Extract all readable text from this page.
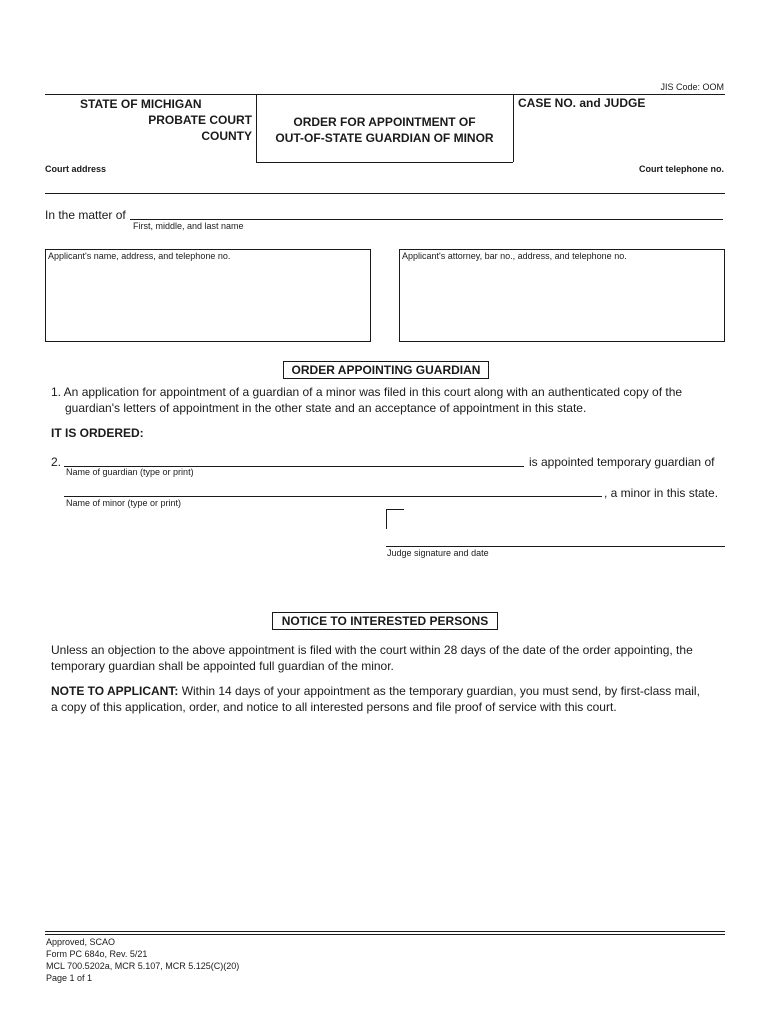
JIS Code: OOM
STATE OF MICHIGAN
PROBATE COURT
COUNTY
ORDER FOR APPOINTMENT OF
OUT-OF-STATE GUARDIAN OF MINOR
CASE NO. and JUDGE
Court address	Court telephone no.
In the matter of
First, middle, and last name
Applicant's name, address, and telephone no.	Applicant's attorney, bar no., address, and telephone no.
ORDER APPOINTING GUARDIAN
1. An application for appointment of a guardian of a minor was filed in this court along with an authenticated copy of the
guardian's letters of appointment in the other state and an acceptance of appointment in this state.
IT IS ORDERED:
2.	is appointed temporary guardian of
Name of guardian (type or print)
, a minor in this state.
Name of minor (type or print)
Judge signature and date
NOTICE TO INTERESTED PERSONS
Unless an objection to the above appointment is filed with the court within 28 days of the date of the order appointing, the
temporary guardian shall be appointed full guardian of the minor.
NOTE TO APPLICANT: Within 14 days of your appointment as the temporary guardian, you must send, by first-class mail,
a copy of this application, order, and notice to all interested persons and file proof of service with this court.
Approved, SCAO
Form PC 684o, Rev. 5/21
MCL 700.5202a, MCR 5.107, MCR 5.125(C)(20)
Page 1 of 1
